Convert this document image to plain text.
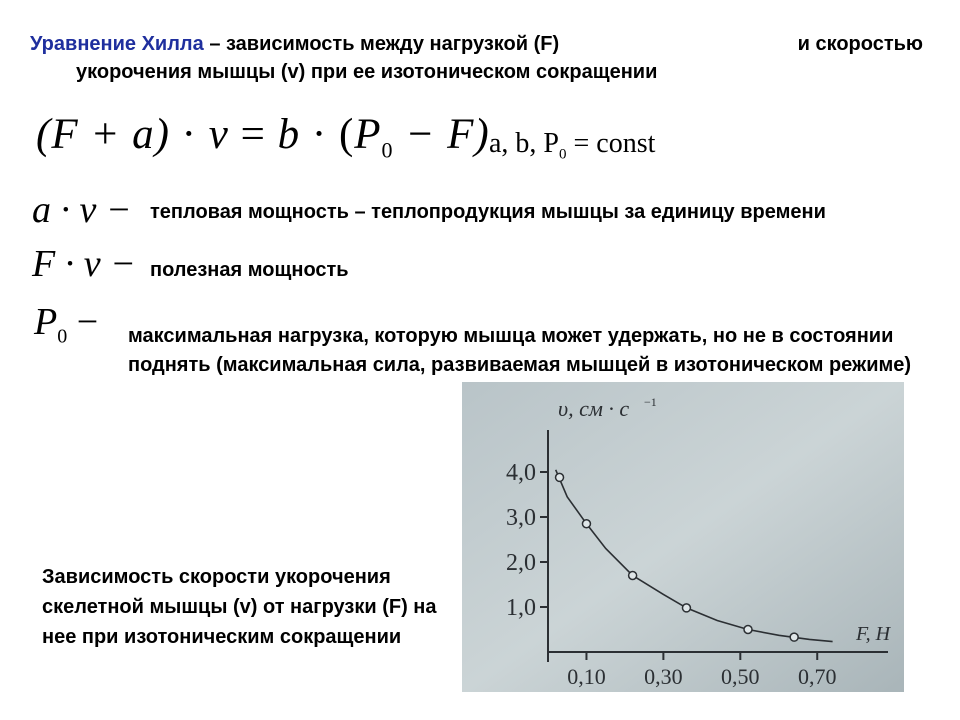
Уравнение Хилла – зависимость между нагрузкой (F)	и скоростью
укорочения мышцы (v) при ее изотоническом сокращении
$(F + a) \cdot v = b \cdot (P_0 - F)$ a, b, $P_0$ = const
a · v − тепловая мощность – теплопродукция мышцы за единицу времени
F · v − полезная мощность
$P_0$ − максимальная нагрузка, которую мышца может удержать, но не в состоянии поднять (максимальная сила, развиваемая мышцей в изотоническом режиме)
Зависимость скорости укорочения скелетной мышцы (v) от нагрузки (F) на нее при изотоническим сокращении
4,0
3,0
2,0
1,0
0,10 0,30 0,50 0,70
υ, см · с −1
F, Н
